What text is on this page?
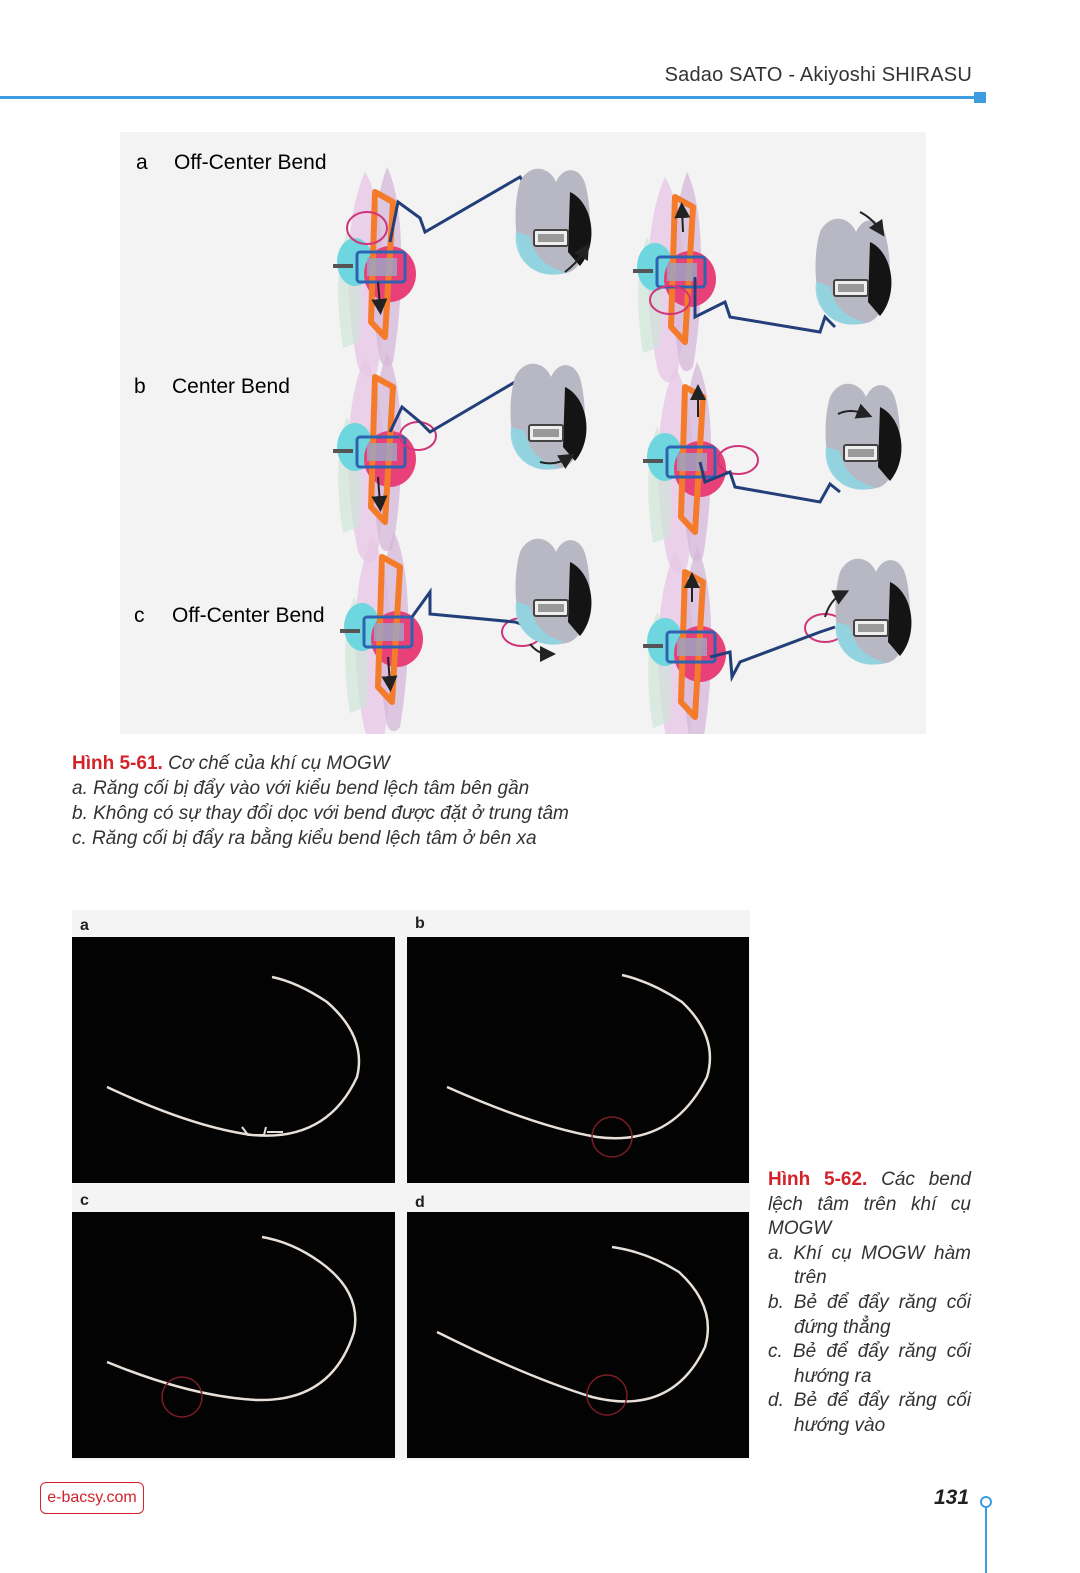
Sadao SATO - Akiyoshi SHIRASU
a Off-Center Bend
b Center Bend
c Off-Center Bend
Hình 5-61. Cơ chế của khí cụ MOGW
a. Răng cối bị đẩy vào với kiểu bend lệch tâm bên gần
b. Không có sự thay đổi dọc với bend được đặt ở trung tâm
c. Răng cối bị đẩy ra bằng kiểu bend lệch tâm ở bên xa
a	b
c	d
Hình 5-62. Các bend lệch tâm trên khí cụ MOGW
a. Khí cụ MOGW hàm trên
b. Bẻ để đẩy răng cối đứng thẳng
c. Bẻ để đẩy răng cối hướng ra
d. Bẻ để đẩy răng cối hướng vào
e-bacsy.com	131
